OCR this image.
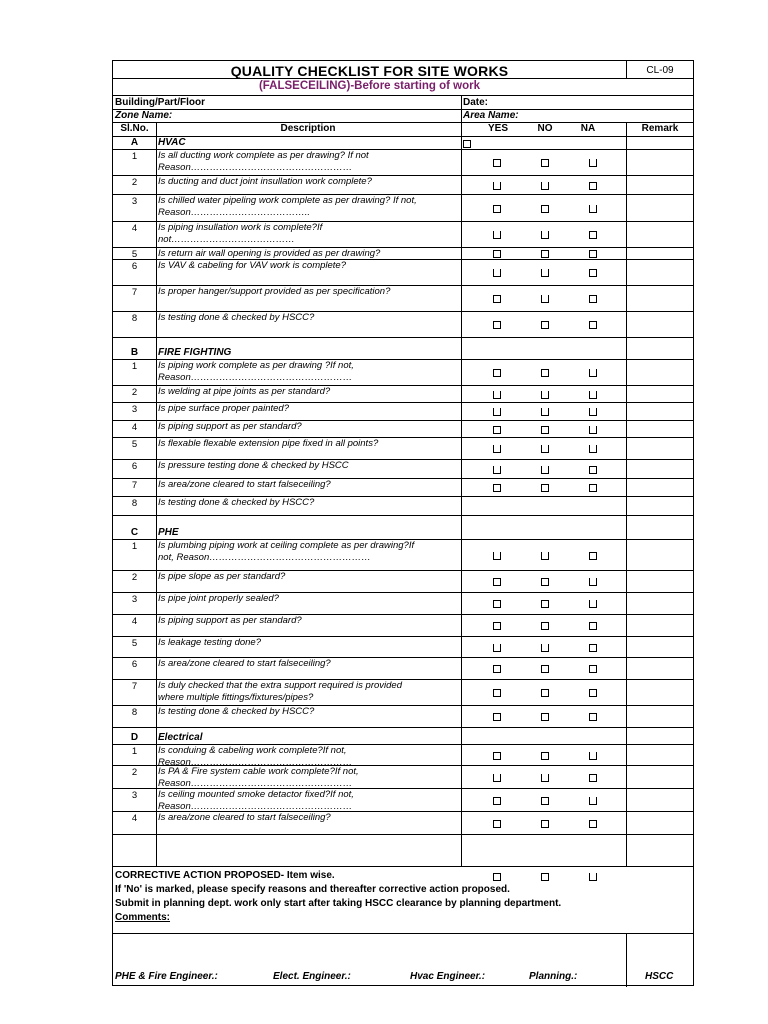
QUALITY CHECKLIST FOR SITE WORKS	CL-09
(FALSECEILING)-Before starting of work
Building/Part/Floor	Date:
Zone Name:	Area Name:
Sl.No.	Description	YES	NO	NA	Remark
A	HVAC
1	Is all ducting work complete as per drawing? If not
Reason……………………………………………
2	Is ducting and duct joint insullation work complete?
3	Is chilled water pipeling work complete as per drawing? If not,
Reason………………………………..
4	Is piping insullation work is complete?If
not…………………………………
5	Is return air wall opening is provided as per drawing?
6	Is VAV & cabeling for VAV work is complete?
7	Is proper hanger/support provided as per specification?
8	Is testing done & checked by HSCC?
B	FIRE FIGHTING
1	Is piping work complete as per drawing ?If not,
Reason……………………………………………
2	Is welding at pipe joints as per standard?
3	Is pipe surface proper painted?
4	Is piping support as per standard?
5	Is flexable flexable extension pipe fixed in all points?
6	Is pressure testing done & checked by HSCC
7	Is area/zone cleared to start falseceiling?
8	Is testing done & checked by HSCC?
C	PHE
1	Is plumbing piping work at ceiling complete as per drawing?If
not, Reason……………………………………………
2	Is pipe slope as per standard?
3	Is pipe joint properly sealed?
4	Is piping support as per standard?
5	Is leakage testing done?
6	Is area/zone cleared to start falseceiling?
7	Is duly checked that the extra support required is provided
where multiple fittings/fixtures/pipes?
8	Is testing done & checked by HSCC?
D	Electrical
1	Is conduing & cabeling work complete?If not,
Reason……………………………………………
2	Is PA & Fire system cable work complete?If not,
Reason……………………………………………
3	Is ceiling mounted smoke detactor fixed?If not,
Reason……………………………………………
4	Is area/zone cleared to start falseceiling?
CORRECTIVE ACTION PROPOSED- Item wise.
If 'No' is marked, please specify reasons and thereafter corrective action proposed.
Submit in planning dept. work only start after taking HSCC clearance by planning department.
Comments:
PHE & Fire Engineer.:	Elect. Engineer.:	Hvac Engineer.:	Planning.:	HSCC
